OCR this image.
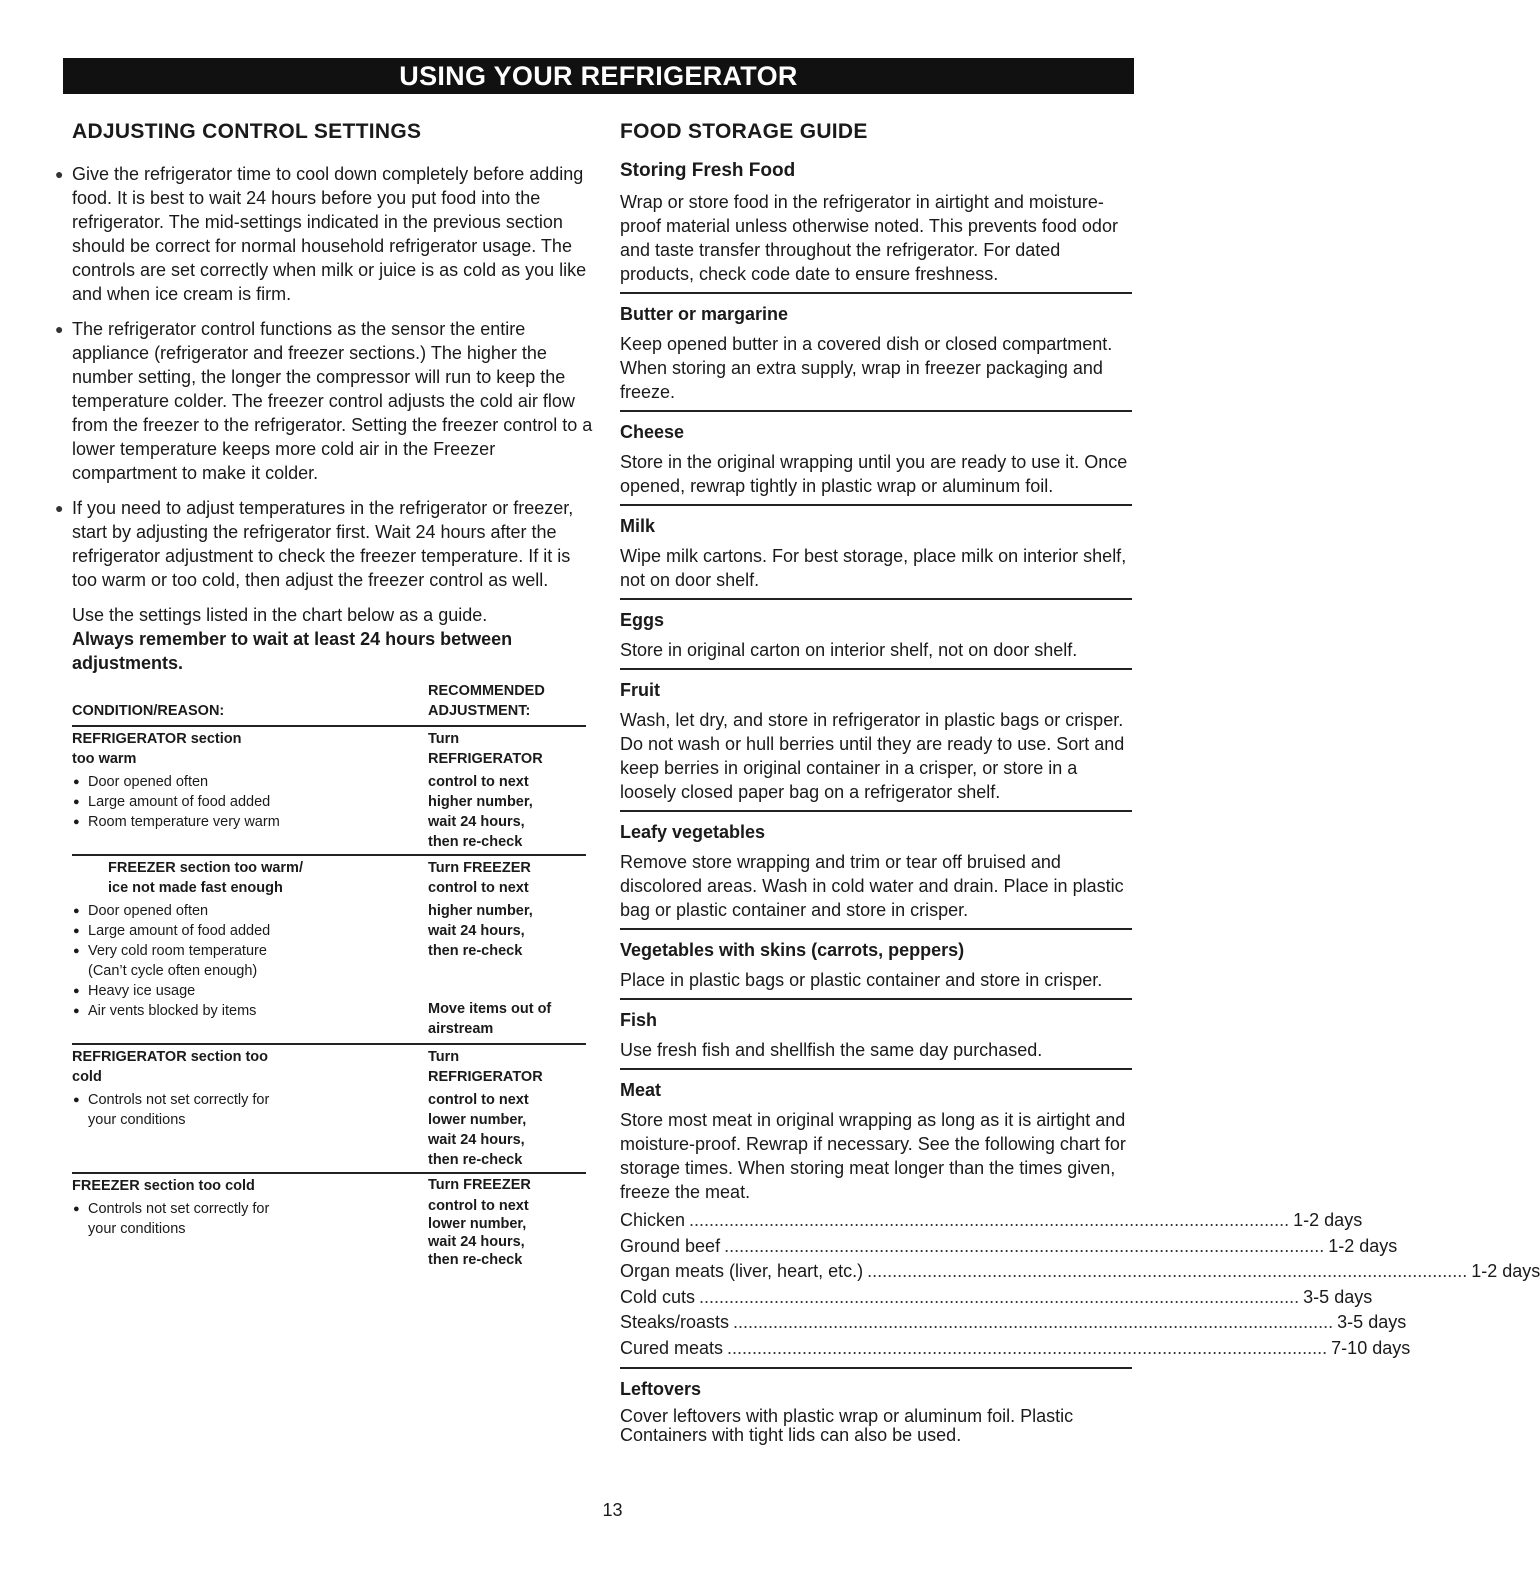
USING YOUR REFRIGERATOR
ADJUSTING CONTROL SETTINGS
● Give the refrigerator time to cool down completely before adding food. It is best to wait 24 hours before you put food into the refrigerator. The mid-settings indicated in the previous section should be correct for normal household refrigerator usage. The controls are set correctly when milk or juice is as cold as you like and when ice cream is firm.
● The refrigerator control functions as the sensor the entire appliance (refrigerator and freezer sections.) The higher the number setting, the longer the compressor will run to keep the temperature colder. The freezer control adjusts the cold air flow from the freezer to the refrigerator. Setting the freezer control to a lower temperature keeps more cold air in the Freezer compartment to make it colder.
● If you need to adjust temperatures in the refrigerator or freezer, start by adjusting the refrigerator first. Wait 24 hours after the refrigerator adjustment to check the freezer temperature. If it is too warm or too cold, then adjust the freezer control as well.
Use the settings listed in the chart below as a guide.
Always remember to wait at least 24 hours between adjustments.
CONDITION/REASON:
RECOMMENDED
ADJUSTMENT:
REFRIGERATOR section
too warm
● Door opened often
● Large amount of food added
● Room temperature very warm
Turn
REFRIGERATOR
control to next
higher number,
wait 24 hours,
then re-check
FREEZER section too warm/
ice not made fast enough
● Door opened often
● Large amount of food added
● Very cold room temperature
(Can’t cycle often enough)
● Heavy ice usage
● Air vents blocked by items
Turn FREEZER
control to next
higher number,
wait 24 hours,
then re-check
Move items out of
airstream
REFRIGERATOR section too
cold
● Controls not set correctly for
your conditions
Turn
REFRIGERATOR
control to next
lower number,
wait 24 hours,
then re-check
FREEZER section too cold
● Controls not set correctly for
your conditions
Turn FREEZER
control to next
lower number,
wait 24 hours,
then re-check
FOOD STORAGE GUIDE
Storing Fresh Food
Wrap or store food in the refrigerator in airtight and moisture-proof material unless otherwise noted. This prevents food odor and taste transfer throughout the refrigerator. For dated products, check code date to ensure freshness.
Butter or margarine
Keep opened butter in a covered dish or closed compartment. When storing an extra supply, wrap in freezer packaging and freeze.
Cheese
Store in the original wrapping until you are ready to use it. Once opened, rewrap tightly in plastic wrap or aluminum foil.
Milk
Wipe milk cartons. For best storage, place milk on interior shelf, not on door shelf.
Eggs
Store in original carton on interior shelf, not on door shelf.
Fruit
Wash, let dry, and store in refrigerator in plastic bags or crisper. Do not wash or hull berries until they are ready to use. Sort and keep berries in original container in a crisper, or store in a loosely closed paper bag on a refrigerator shelf.
Leafy vegetables
Remove store wrapping and trim or tear off bruised and discolored areas. Wash in cold water and drain. Place in plastic bag or plastic container and store in crisper.
Vegetables with skins (carrots, peppers)
Place in plastic bags or plastic container and store in crisper.
Fish
Use fresh fish and shellfish the same day purchased.
Meat
Store most meat in original wrapping as long as it is airtight and moisture-proof. Rewrap if necessary. See the following chart for storage times. When storing meat longer than the times given, freeze the meat.
Chicken ........................................................................................................................ 1-2 days
Ground beef ........................................................................................................................ 1-2 days
Organ meats (liver, heart, etc.) ........................................................................................................................ 1-2 days
Cold cuts ........................................................................................................................ 3-5 days
Steaks/roasts ........................................................................................................................ 3-5 days
Cured meats ........................................................................................................................ 7-10 days
Leftovers
Cover leftovers with plastic wrap or aluminum foil. Plastic Containers with tight lids can also be used.
13
